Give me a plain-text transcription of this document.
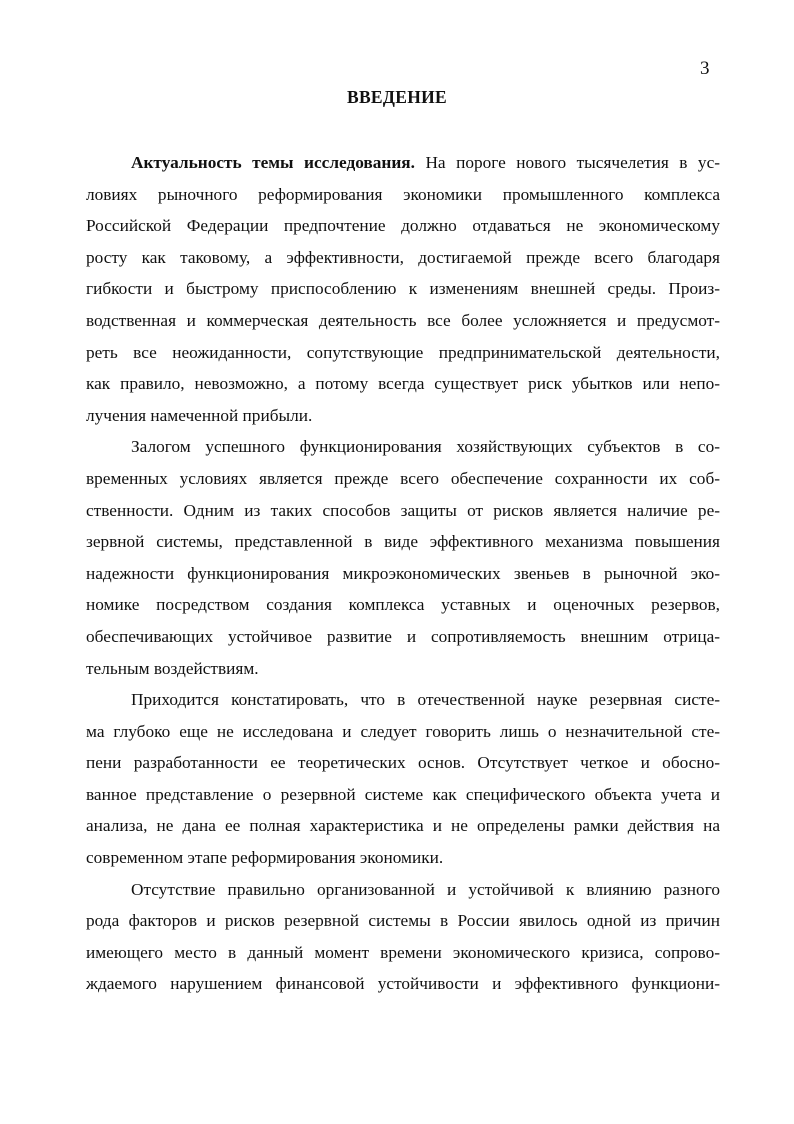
3
ВВЕДЕНИЕ

Актуальность темы исследования. На пороге нового тысячелетия в ус-
ловиях рыночного реформирования экономики промышленного комплекса
Российской Федерации предпочтение должно отдаваться не экономическому
росту как таковому, а эффективности, достигаемой прежде всего благодаря
гибкости и быстрому приспособлению к изменениям внешней среды. Произ-
водственная и коммерческая деятельность все более усложняется и предусмот-
реть все неожиданности, сопутствующие предпринимательской деятельности,
как правило, невозможно, а потому всегда существует риск убытков или непо-
лучения намеченной прибыли.

Залогом успешного функционирования хозяйствующих субъектов в со-
временных условиях является прежде всего обеспечение сохранности их соб-
ственности. Одним из таких способов защиты от рисков является наличие ре-
зервной системы, представленной в виде эффективного механизма повышения
надежности функционирования микроэкономических звеньев в рыночной эко-
номике посредством создания комплекса уставных и оценочных резервов,
обеспечивающих устойчивое развитие и сопротивляемость внешним отрица-
тельным воздействиям.

Приходится констатировать, что в отечественной науке резервная систе-
ма глубоко еще не исследована и следует говорить лишь о незначительной сте-
пени разработанности ее теоретических основ. Отсутствует четкое и обосно-
ванное представление о резервной системе как специфического объекта учета и
анализа, не дана ее полная характеристика и не определены рамки действия на
современном этапе реформирования экономики.

Отсутствие правильно организованной и устойчивой к влиянию разного
рода факторов и рисков резервной системы в России явилось одной из причин
имеющего место в данный момент времени экономического кризиса, сопрово-
ждаемого нарушением финансовой устойчивости и эффективного функциони-
